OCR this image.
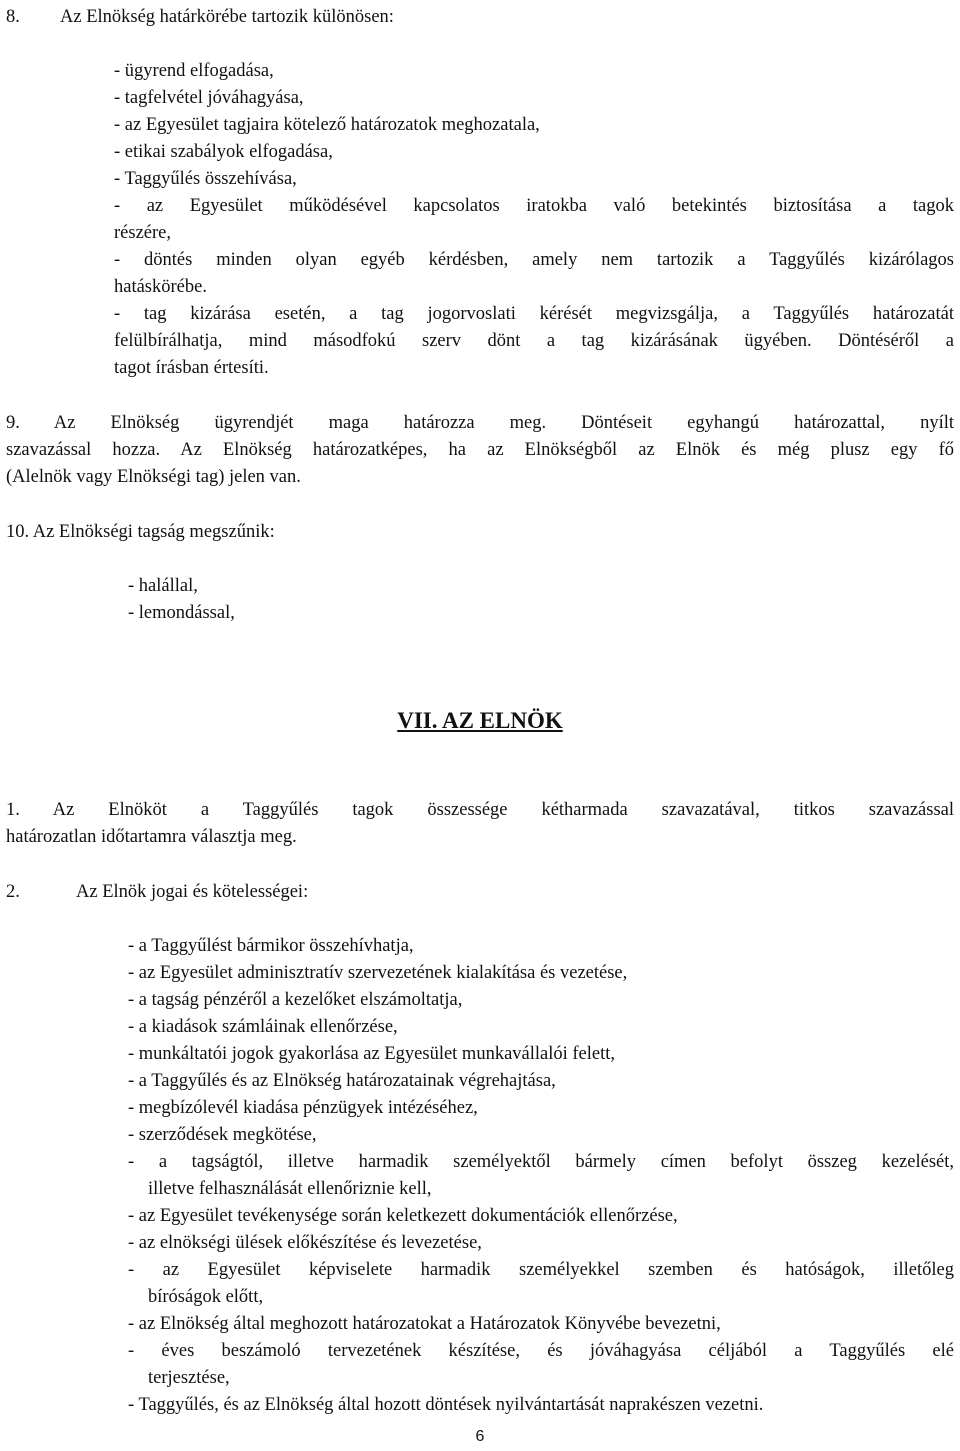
8. Az Elnökség határkörébe tartozik különösen:
- ügyrend elfogadása,
- tagfelvétel jóváhagyása,
- az Egyesület tagjaira kötelező határozatok meghozatala,
- etikai szabályok elfogadása,
- Taggyűlés összehívása,
- az Egyesület működésével kapcsolatos iratokba való betekintés biztosítása a tagok
részére,
- döntés minden olyan egyéb kérdésben, amely nem tartozik a Taggyűlés kizárólagos
hatáskörébe.
- tag kizárása esetén, a tag jogorvoslati kérését megvizsgálja, a Taggyűlés határozatát
felülbírálhatja, mind másodfokú szerv dönt a tag kizárásának ügyében. Döntéséről a
tagot írásban értesíti.
9. Az Elnökség ügyrendjét maga határozza meg. Döntéseit egyhangú határozattal, nyílt
szavazással hozza. Az Elnökség határozatképes, ha az Elnökségből az Elnök és még plusz egy fő
(Alelnök vagy Elnökségi tag) jelen van.
10. Az Elnökségi tagság megszűnik:
- halállal,
- lemondással,
VII. AZ ELNÖK
1. Az Elnököt a Taggyűlés tagok összessége kétharmada szavazatával, titkos szavazással
határozatlan időtartamra választja meg.
2.	Az Elnök jogai és kötelességei:
- a Taggyűlést bármikor összehívhatja,
- az Egyesület adminisztratív szervezetének kialakítása és vezetése,
- a tagság pénzéről a kezelőket elszámoltatja,
- a kiadások számláinak ellenőrzése,
- munkáltatói jogok gyakorlása az Egyesület munkavállalói felett,
- a Taggyűlés és az Elnökség határozatainak végrehajtása,
- megbízólevél kiadása pénzügyek intézéséhez,
- szerződések megkötése,
- a tagságtól, illetve harmadik személyektől bármely címen befolyt összeg kezelését,
illetve felhasználását ellenőriznie kell,
- az Egyesület tevékenysége során keletkezett dokumentációk ellenőrzése,
- az elnökségi ülések előkészítése és levezetése,
- az Egyesület képviselete harmadik személyekkel szemben és hatóságok, illetőleg
bíróságok előtt,
- az Elnökség által meghozott határozatokat a Határozatok Könyvébe bevezetni,
- éves beszámoló tervezetének készítése, és jóváhagyása céljából a Taggyűlés elé
terjesztése,
- Taggyűlés, és az Elnökség által hozott döntések nyilvántartását naprakészen vezetni.
6
